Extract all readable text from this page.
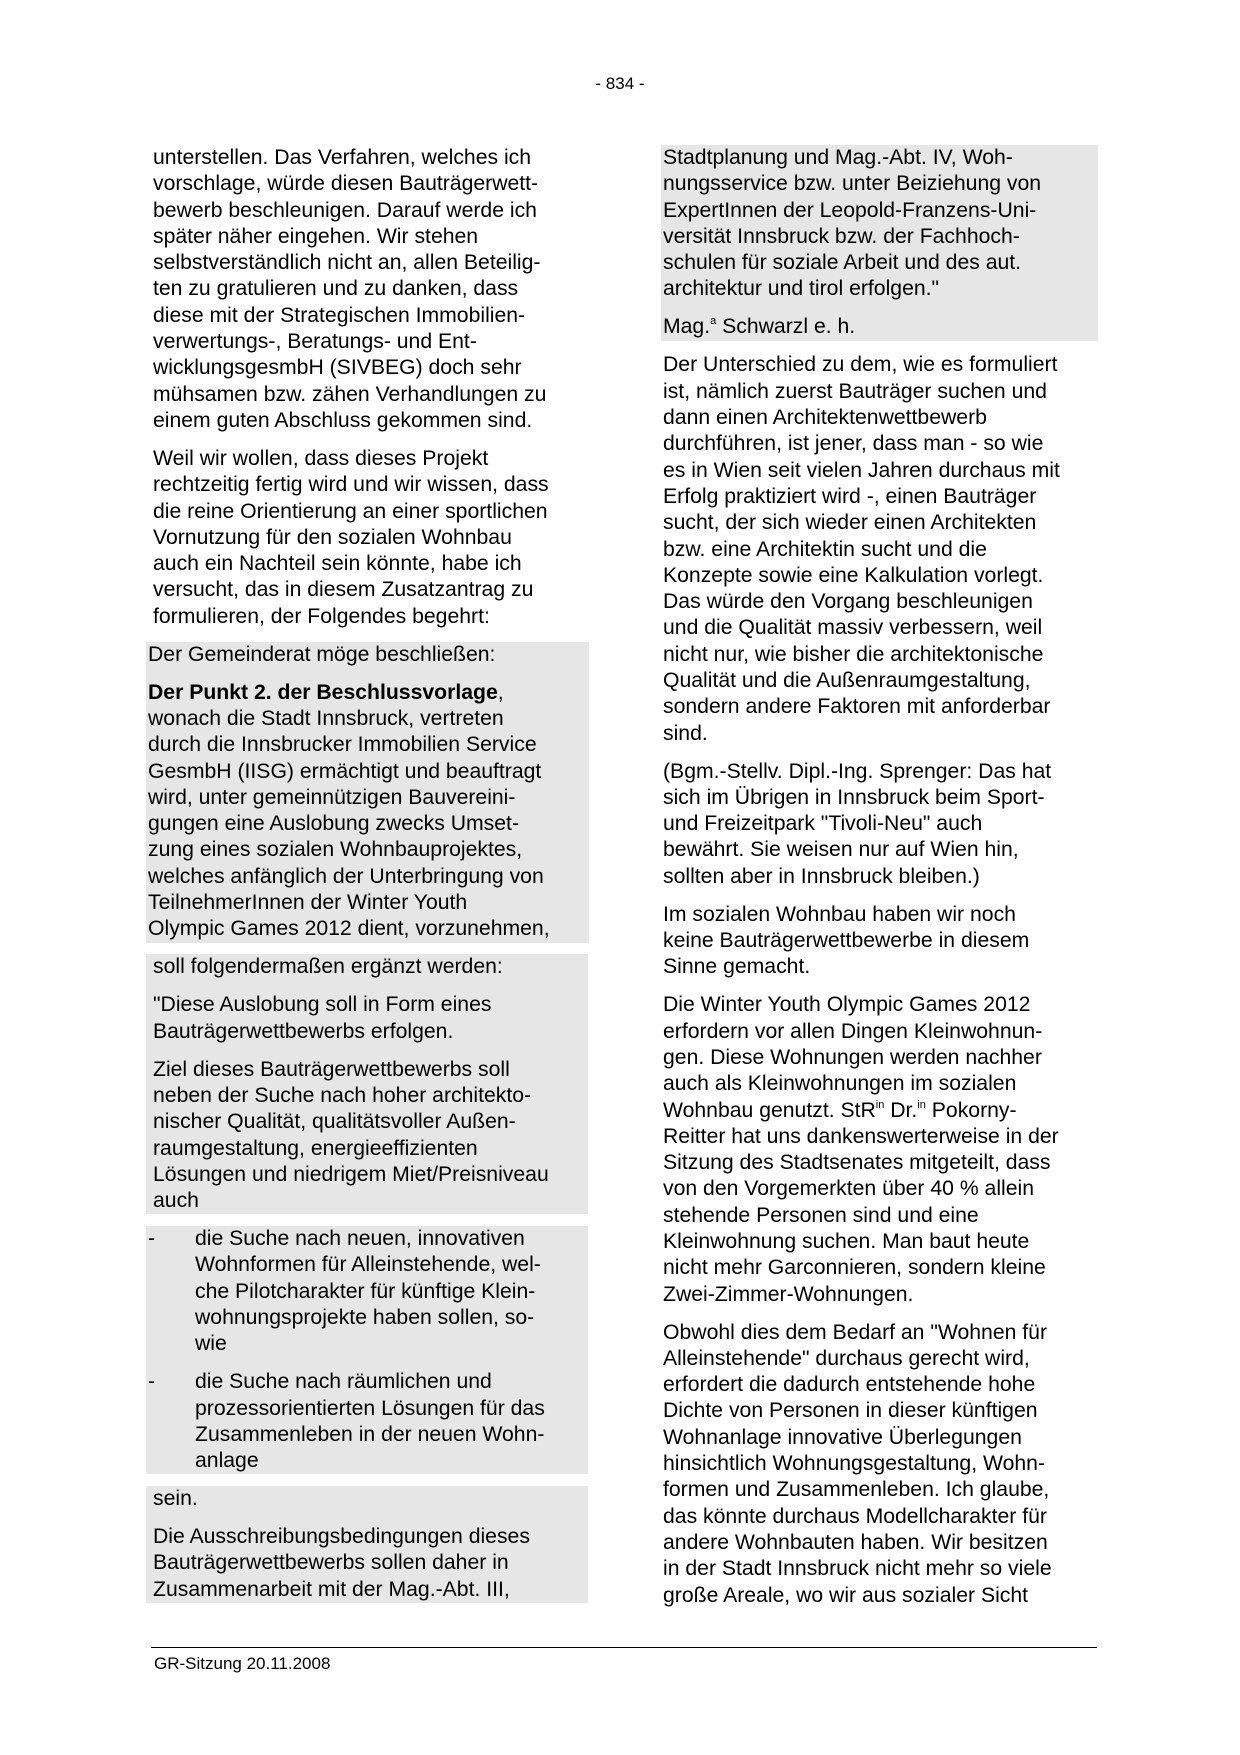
- 834 -
unterstellen. Das Verfahren, welches ich
vorschlage, würde diesen Bauträgerwett-
bewerb beschleunigen. Darauf werde ich
später näher eingehen. Wir stehen
selbstverständlich nicht an, allen Beteilig-
ten zu gratulieren und zu danken, dass
diese mit der Strategischen Immobilien-
verwertungs-, Beratungs- und Ent-
wicklungsgesmbH (SIVBEG) doch sehr
mühsamen bzw. zähen Verhandlungen zu
einem guten Abschluss gekommen sind.
Weil wir wollen, dass dieses Projekt
rechtzeitig fertig wird und wir wissen, dass
die reine Orientierung an einer sportlichen
Vornutzung für den sozialen Wohnbau
auch ein Nachteil sein könnte, habe ich
versucht, das in diesem Zusatzantrag zu
formulieren, der Folgendes begehrt:
Der Gemeinderat möge beschließen:
Der Punkt 2. der Beschlussvorlage,
wonach die Stadt Innsbruck, vertreten
durch die Innsbrucker Immobilien Service
GesmbH (IISG) ermächtigt und beauftragt
wird, unter gemeinnützigen Bauvereini-
gungen eine Auslobung zwecks Umset-
zung eines sozialen Wohnbauprojektes,
welches anfänglich der Unterbringung von
TeilnehmerInnen der Winter Youth
Olympic Games 2012 dient, vorzunehmen,
soll folgendermaßen ergänzt werden:
"Diese Auslobung soll in Form eines
Bauträgerwettbewerbs erfolgen.
Ziel dieses Bauträgerwettbewerbs soll
neben der Suche nach hoher architekto-
nischer Qualität, qualitätsvoller Außen-
raumgestaltung, energieeffizienten
Lösungen und niedrigem Miet/Preisniveau
auch
- die Suche nach neuen, innovativen
Wohnformen für Alleinstehende, wel-
che Pilotcharakter für künftige Klein-
wohnungsprojekte haben sollen, so-
wie
- die Suche nach räumlichen und
prozessorientierten Lösungen für das
Zusammenleben in der neuen Wohn-
anlage
sein.
Die Ausschreibungsbedingungen dieses
Bauträgerwettbewerbs sollen daher in
Zusammenarbeit mit der Mag.-Abt. III,
Stadtplanung und Mag.-Abt. IV, Woh-
nungsservice bzw. unter Beiziehung von
ExpertInnen der Leopold-Franzens-Uni-
versität Innsbruck bzw. der Fachhoch-
schulen für soziale Arbeit und des aut.
architektur und tirol erfolgen."
Mag.$^a$ Schwarzl e. h.
Der Unterschied zu dem, wie es formuliert
ist, nämlich zuerst Bauträger suchen und
dann einen Architektenwettbewerb
durchführen, ist jener, dass man - so wie
es in Wien seit vielen Jahren durchaus mit
Erfolg praktiziert wird -, einen Bauträger
sucht, der sich wieder einen Architekten
bzw. eine Architektin sucht und die
Konzepte sowie eine Kalkulation vorlegt.
Das würde den Vorgang beschleunigen
und die Qualität massiv verbessern, weil
nicht nur, wie bisher die architektonische
Qualität und die Außenraumgestaltung,
sondern andere Faktoren mit anforderbar
sind.
(Bgm.-Stellv. Dipl.-Ing. Sprenger: Das hat
sich im Übrigen in Innsbruck beim Sport-
und Freizeitpark "Tivoli-Neu" auch
bewährt. Sie weisen nur auf Wien hin,
sollten aber in Innsbruck bleiben.)
Im sozialen Wohnbau haben wir noch
keine Bauträgerwettbewerbe in diesem
Sinne gemacht.
Die Winter Youth Olympic Games 2012
erfordern vor allen Dingen Kleinwohnun-
gen. Diese Wohnungen werden nachher
auch als Kleinwohnungen im sozialen
Wohnbau genutzt. StR$^{in}$ Dr.$^{in}$ Pokorny-
Reitter hat uns dankenswerterweise in der
Sitzung des Stadtsenates mitgeteilt, dass
von den Vorgemerkten über 40 % allein
stehende Personen sind und eine
Kleinwohnung suchen. Man baut heute
nicht mehr Garconnieren, sondern kleine
Zwei-Zimmer-Wohnungen.
Obwohl dies dem Bedarf an "Wohnen für
Alleinstehende" durchaus gerecht wird,
erfordert die dadurch entstehende hohe
Dichte von Personen in dieser künftigen
Wohnanlage innovative Überlegungen
hinsichtlich Wohnungsgestaltung, Wohn-
formen und Zusammenleben. Ich glaube,
das könnte durchaus Modellcharakter für
andere Wohnbauten haben. Wir besitzen
in der Stadt Innsbruck nicht mehr so viele
große Areale, wo wir aus sozialer Sicht
GR-Sitzung 20.11.2008
